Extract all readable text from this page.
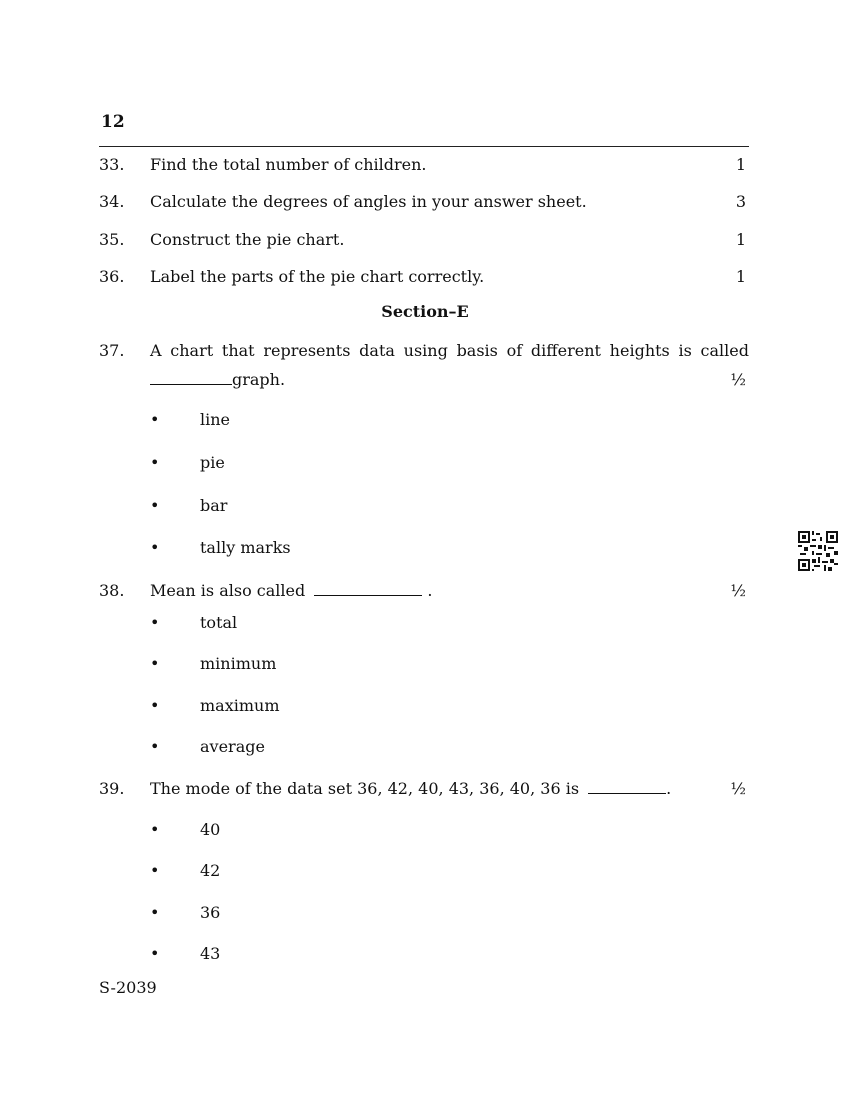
12
33. Find the total number of children.	1
34. Calculate the degrees of angles in your answer sheet.	3
35. Construct the pie chart.	1
36. Label the parts of the pie chart correctly.	1
Section–E
37. A chart that represents data using basis of different heights is called
graph.	½
•	line
•	pie
•	bar
•	tally marks
38. Mean is also called	.	½
•	total
•	minimum
•	maximum
•	average
39. The mode of the data set 36, 42, 40, 43, 36, 40, 36 is	.	½
•	40
•	42
•	36
•	43
S-2039
